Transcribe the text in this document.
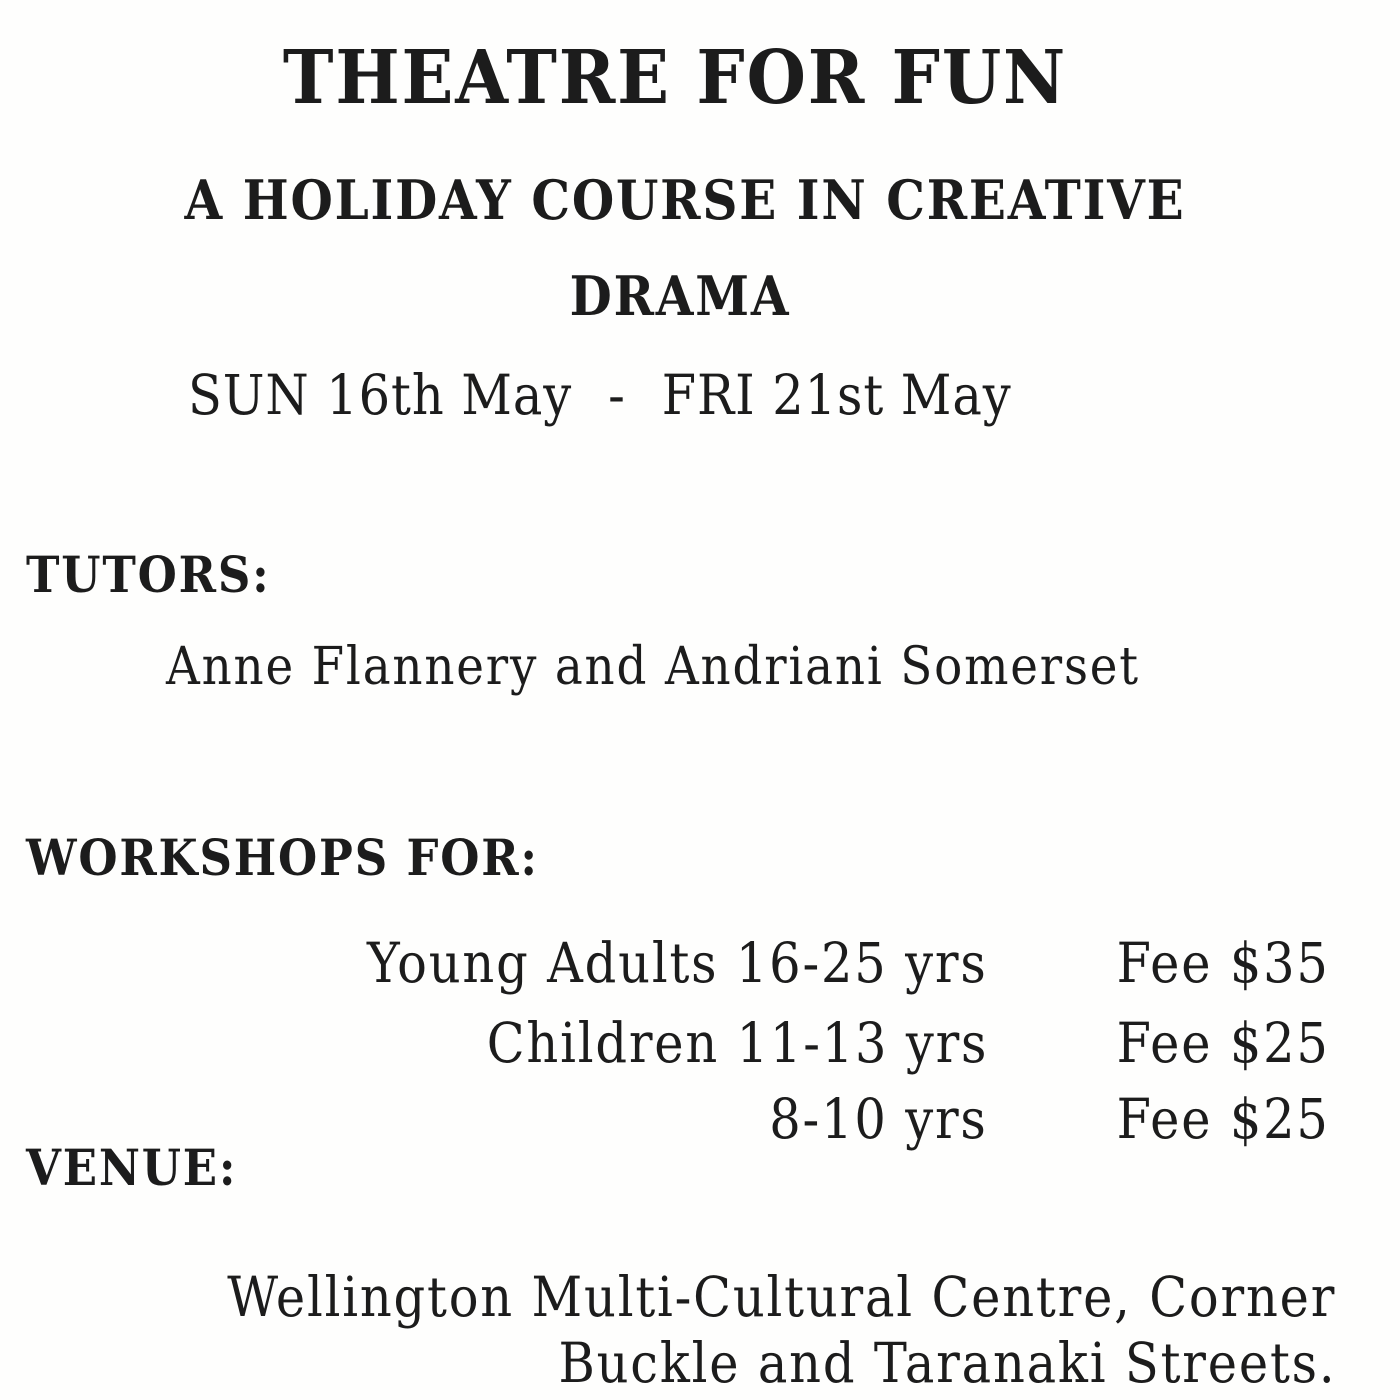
THEATRE FOR FUN
A HOLIDAY COURSE IN CREATIVE
DRAMA
SUN 16th May - FRI 21st May
TUTORS:
Anne Flannery and Andriani Somerset
WORKSHOPS FOR:
Young Adults 16-25 yrs Fee $35
Children 11-13 yrs Fee $25
8-10 yrs Fee $25
VENUE:
Wellington Multi-Cultural Centre, Corner
Buckle and Taranaki Streets.
